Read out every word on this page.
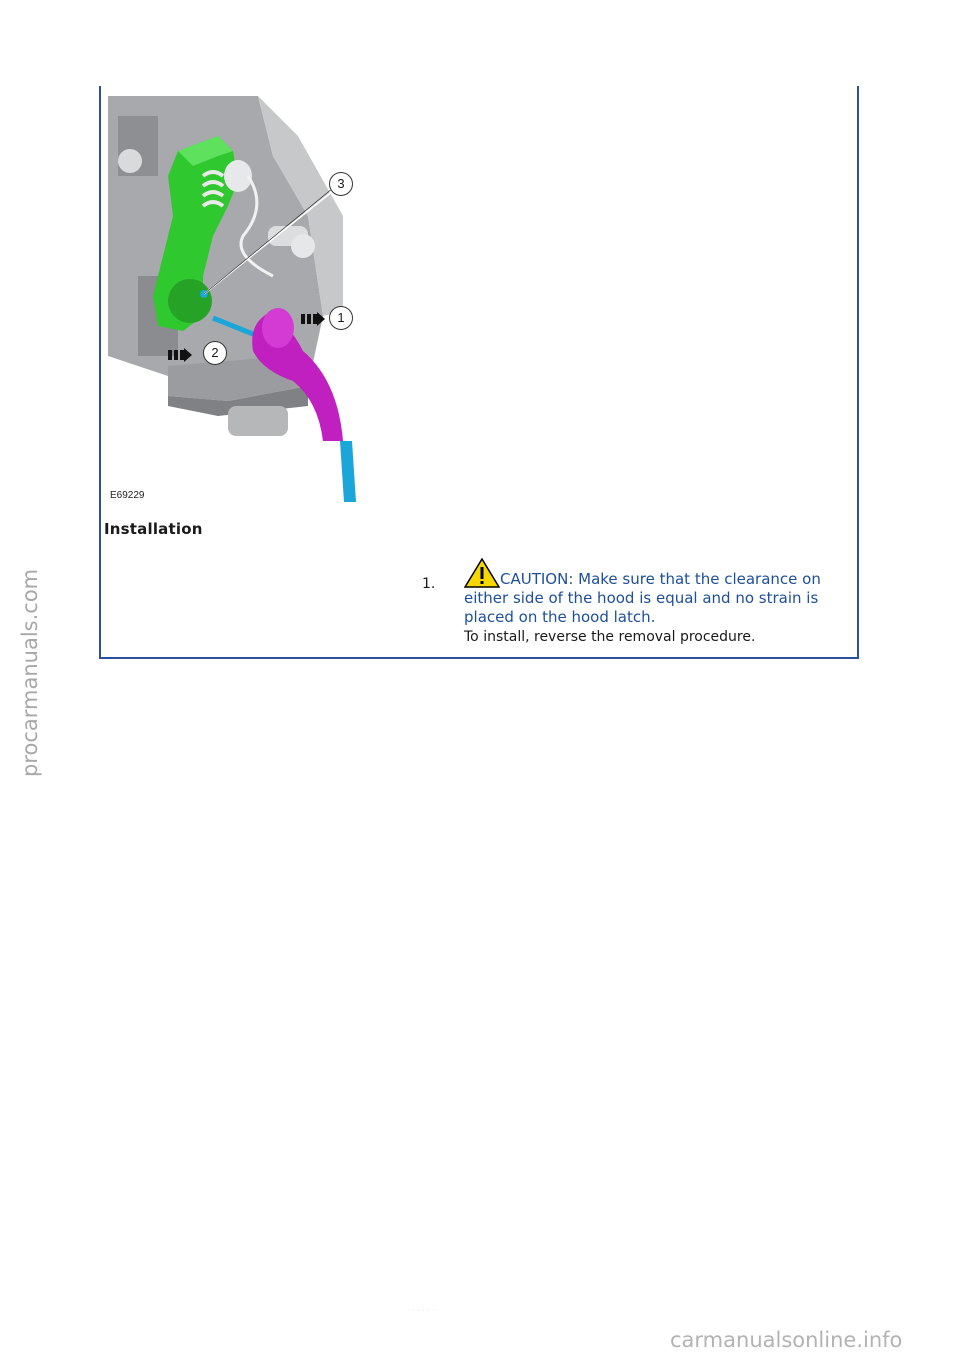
3
1
2
E69229
Installation
1.	CAUTION: Make sure that the clearance on either side of the hood is equal and no strain is placed on the hood latch.
To install, reverse the removal procedure.
· · · · ·
procarmanuals.com
carmanualsonline.info
